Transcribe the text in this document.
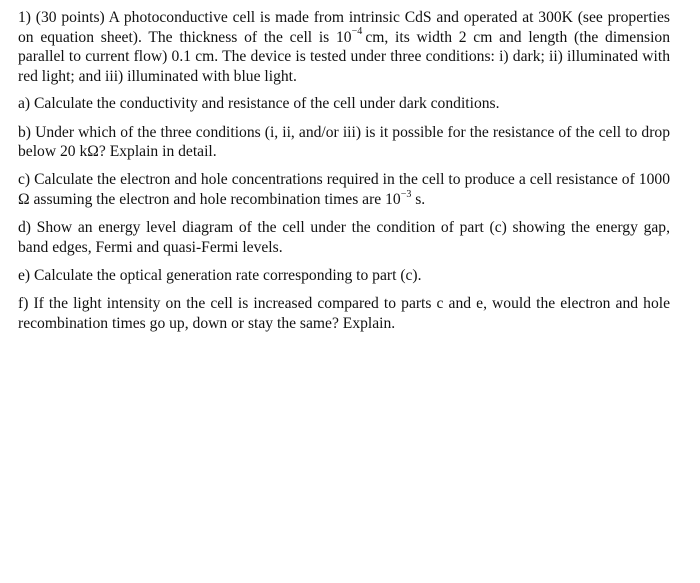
1) (30 points) A photoconductive cell is made from intrinsic CdS and operated at 300K (see properties on equation sheet). The thickness of the cell is $10^{-4}$ cm, its width 2 cm and length (the dimension parallel to current flow) 0.1 cm. The device is tested under three conditions: i) dark; ii) illuminated with red light; and iii) illuminated with blue light.

a) Calculate the conductivity and resistance of the cell under dark conditions.

b) Under which of the three conditions (i, ii, and/or iii) is it possible for the resistance of the cell to drop below 20 kΩ? Explain in detail.

c) Calculate the electron and hole concentrations required in the cell to produce a cell resistance of 1000 Ω assuming the electron and hole recombination times are $10^{-3}$ s.

d) Show an energy level diagram of the cell under the condition of part (c) showing the energy gap, band edges, Fermi and quasi-Fermi levels.

e) Calculate the optical generation rate corresponding to part (c).

f) If the light intensity on the cell is increased compared to parts c and e, would the electron and hole recombination times go up, down or stay the same? Explain.
